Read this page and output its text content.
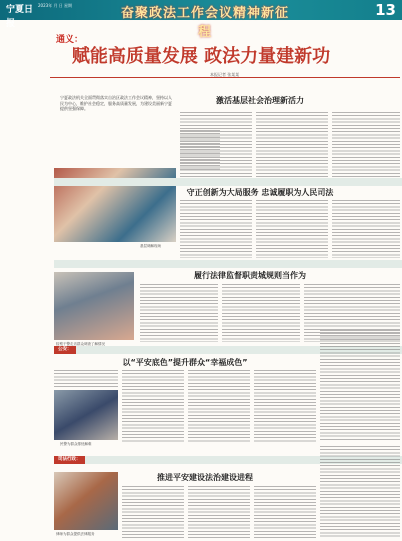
宁夏日报
2023年 月 日 星期
奋聚政法工作会议精神新征程
13
通义：
赋能高质量发展 政法力量建新功
本报记者 张某某
宁夏政法机关全面贯彻落实自治区政法工作会议精神，坚持以人民为中心，维护社会稳定，服务高质量发展，为建设美丽新宁夏提供坚强保障。
激活基层社会治理新活力
基层调解现场
守正创新为大局服务 忠诚履职为人民司法
履行法律监督职责城规则当作为
检察干警走访群众调查了解情况
公安：
以“平安底色”提升群众“幸福成色”
民警为群众排忧解难
司法行政：
推进平安建设法治建设进程
律师为群众提供法律服务
